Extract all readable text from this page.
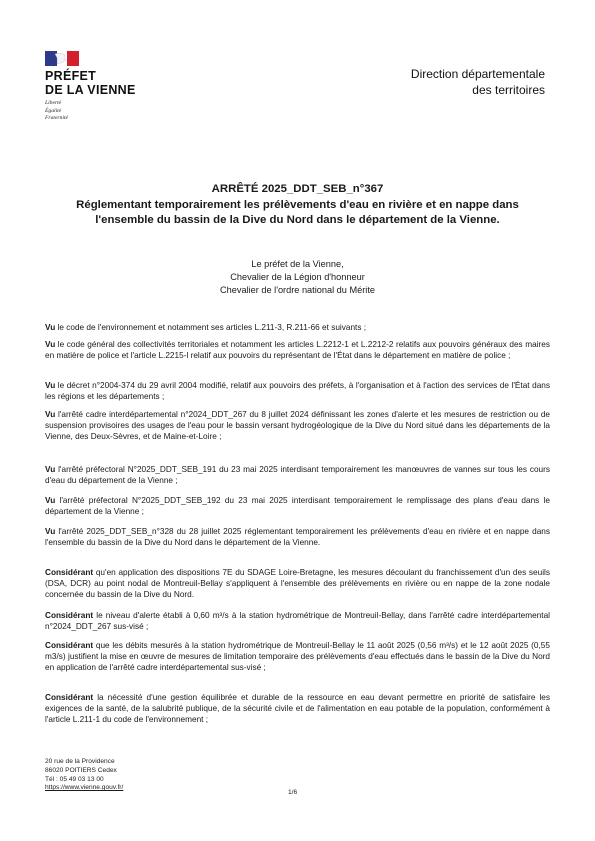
PRÉFET
DE LA VIENNE
Liberté
Égalité
Fraternité
Direction départementale
des territoires
ARRÊTÉ 2025_DDT_SEB_n°367
Réglementant temporairement les prélèvements d'eau en rivière et en nappe dans
l'ensemble du bassin de la Dive du Nord dans le département de la Vienne.
Le préfet de la Vienne,
Chevalier de la Légion d'honneur
Chevalier de l'ordre national du Mérite

Vu le code de l'environnement et notamment ses articles L.211-3, R.211-66 et suivants ;

Vu le code général des collectivités territoriales et notamment les articles L.2212-1 et L.2212-2 relatifs aux pouvoirs généraux des maires en matière de police et l'article L.2215-l relatif aux pouvoirs du représentant de l'État dans le département en matière de police ;

Vu le décret n°2004-374 du 29 avril 2004 modifié, relatif aux pouvoirs des préfets, à l'organisation et à l'action des services de l'État dans les régions et les départements ;

Vu l'arrêté cadre interdépartemental n°2024_DDT_267 du 8 juillet 2024 définissant les zones d'alerte et les mesures de restriction ou de suspension provisoires des usages de l'eau pour le bassin versant hydrogéologique de la Dive du Nord situé dans les départements de la Vienne, des Deux-Sèvres, et de Maine-et-Loire ;

Vu l'arrêté préfectoral N°2025_DDT_SEB_191 du 23 mai 2025 interdisant temporairement les manœuvres de vannes sur tous les cours d'eau du département de la Vienne ;

Vu l'arrêté préfectoral N°2025_DDT_SEB_192 du 23 mai 2025 interdisant temporairement le remplissage des plans d'eau dans le département de la Vienne ;

Vu l'arrêté 2025_DDT_SEB_n°328 du 28 juillet 2025 réglementant temporairement les prélèvements d'eau en rivière et en nappe dans l'ensemble du bassin de la Dive du Nord dans le département de la Vienne.

Considérant qu'en application des dispositions 7E du SDAGE Loire-Bretagne, les mesures découlant du franchissement d'un des seuils (DSA, DCR) au point nodal de Montreuil-Bellay s'appliquent à l'ensemble des prélèvements en rivière ou en nappe de la zone nodale concernée du bassin de la Dive du Nord.

Considérant le niveau d'alerte établi à 0,60 m³/s à la station hydrométrique de Montreuil-Bellay, dans l'arrêté cadre interdépartemental n°2024_DDT_267 sus-visé ;

Considérant que les débits mesurés à la station hydrométrique de Montreuil-Bellay le 11 août 2025 (0,56 m³/s) et le 12 août 2025 (0,55 m3/s) justifient la mise en œuvre de mesures de limitation temporaire des prélèvements d'eau effectués dans le bassin de la Dive du Nord en application de l'arrêté cadre interdépartemental sus-visé ;

Considérant la nécessité d'une gestion équilibrée et durable de la ressource en eau devant permettre en priorité de satisfaire les exigences de la santé, de la salubrité publique, de la sécurité civile et de l'alimentation en eau potable de la population, conformément à l'article L.211-1 du code de l'environnement ;

20 rue de la Providence
86020 POITIERS Cedex
Tél : 05 49 03 13 00
https://www.vienne.gouv.fr/
1/6
